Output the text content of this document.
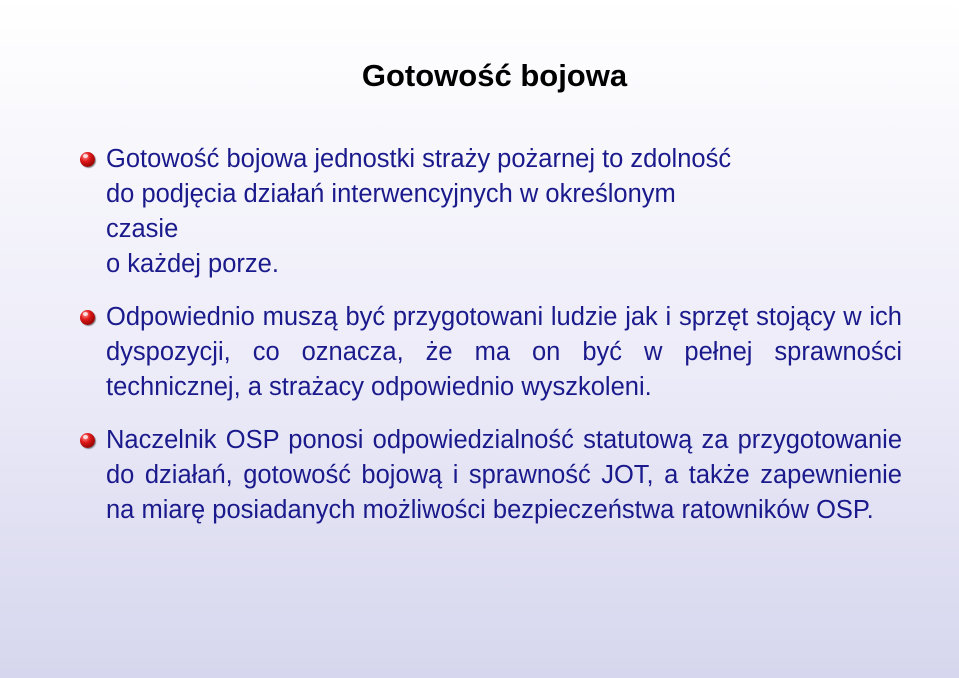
Gotowość bojowa
Gotowość bojowa jednostki straży pożarnej to zdolność
do podjęcia działań interwencyjnych w określonym
czasie
o każdej porze.
Odpowiednio muszą być przygotowani ludzie jak i sprzęt stojący w ich dyspozycji, co oznacza, że ma on być w pełnej sprawności technicznej, a strażacy odpowiednio wyszkoleni.
Naczelnik OSP ponosi odpowiedzialność statutową za przygotowanie do działań, gotowość bojową i sprawność JOT, a także zapewnienie na miarę posiadanych możliwości bezpieczeństwa ratowników OSP.
